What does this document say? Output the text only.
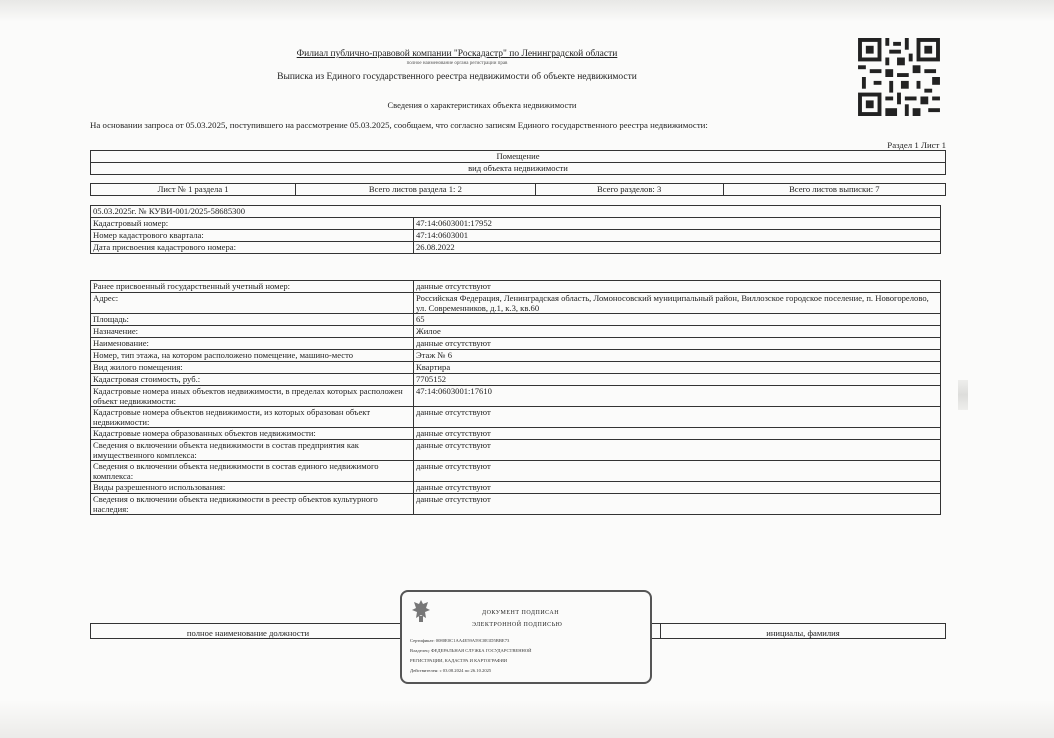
Филиал публично-правовой компании "Роскадастр" по Ленинградской области
полное наименование органа регистрации прав
Выписка из Единого государственного реестра недвижимости об объекте недвижимости
Сведения о характеристиках объекта недвижимости
На основании запроса от 05.03.2025, поступившего на рассмотрение 05.03.2025, сообщаем, что согласно записям Единого государственного реестра недвижимости:
Раздел 1 Лист 1
Помещение
вид объекта недвижимости
Лист № 1 раздела 1	Всего листов раздела 1: 2	Всего разделов: 3	Всего листов выписки: 7
05.03.2025г. № КУВИ-001/2025-58685300	
Кадастровый номер:	47:14:0603001:17952
Номер кадастрового квартала:	47:14:0603001
Дата присвоения кадастрового номера:	26.08.2022
Ранее присвоенный государственный учетный номер:	данные отсутствуют
Адрес:	Российская Федерация, Ленинградская область, Ломоносовский муниципальный район, Виллозское городское поселение, п. Новогорелово, ул. Современников, д.1, к.3, кв.60
Площадь:	65
Назначение:	Жилое
Наименование:	данные отсутствуют
Номер, тип этажа, на котором расположено помещение, машино-место	Этаж № 6
Вид жилого помещения:	Квартира
Кадастровая стоимость, руб.:	7705152
Кадастровые номера иных объектов недвижимости, в пределах которых расположен объект недвижимости:	47:14:0603001:17610
Кадастровые номера объектов недвижимости, из которых образован объект недвижимости:	данные отсутствуют
Кадастровые номера образованных объектов недвижимости:	данные отсутствуют
Сведения о включении объекта недвижимости в состав предприятия как имущественного комплекса:	данные отсутствуют
Сведения о включении объекта недвижимости в состав единого недвижимого комплекса:	данные отсутствуют
Виды разрешенного использования:	данные отсутствуют
Сведения о включении объекта недвижимости в реестр объектов культурного наследия:	данные отсутствуют
полное наименование должности		инициалы, фамилия
ДОКУМЕНТ ПОДПИСАН
ЭЛЕКТРОННОЙ ПОДПИСЬЮ
Сертификат: 0080E0C1AA4E59A59C0E1D5BBE73
Владелец: ФЕДЕРАЛЬНАЯ СЛУЖБА ГОСУДАРСТВЕННОЙ
РЕГИСТРАЦИИ, КАДАСТРА И КАРТОГРАФИИ
Действителен: с 03.08.2024 по 26.10.2025
